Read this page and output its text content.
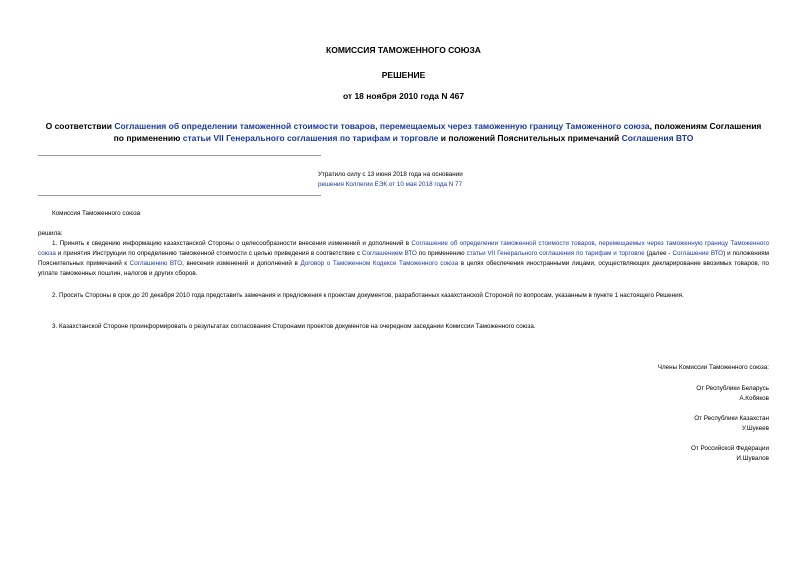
КОМИССИЯ ТАМОЖЕННОГО СОЮЗА
РЕШЕНИЕ
от 18 ноября 2010 года N 467
О соответствии Соглашения об определении таможенной стоимости товаров, перемещаемых через таможенную границу Таможенного союза, положениям Соглашения по применению статьи VII Генерального соглашения по тарифам и торговле и положений Пояснительных примечаний Соглашения ВТО
Утратило силу с 13 июня 2018 года на основании
решения Коллегии ЕЭК от 10 мая 2018 года N 77
Комиссия Таможенного союза
решила:
1. Принять к сведению информацию казахстанской Стороны о целесообразности внесения изменений и дополнений в Соглашение об определении таможенной стоимости товаров, перемещаемых через таможенную границу Таможенного союза и принятия Инструкции по определению таможенной стоимости с целью приведения в соответствие с Соглашением ВТО по применению статьи VII Генерального соглашения по тарифам и торговле (далее - Соглашение ВТО) и положениям Пояснительных примечаний к Соглашению ВТО, внесения изменений и дополнений в Договор о Таможенном Кодексе Таможенного союза в целях обеспечения иностранными лицами, осуществляющих декларирование ввозимых товаров, по уплате таможенных пошлин, налогов и других сборов.
2. Просить Стороны в срок до 20 декабря 2010 года представить замечания и предложения к проектам документов, разработанных казахстанской Стороной по вопросам, указанным в пункте 1 настоящего Решения.
3. Казахстанской Стороне проинформировать о результатах согласования Сторонами проектов документов на очередном заседании Комиссии Таможенного союза.
Члены Комиссии Таможенного союза:
От Республики Беларусь
А.Кобяков
От Республики Казахстан
У.Шукеев
От Российской Федерации
И.Шувалов
